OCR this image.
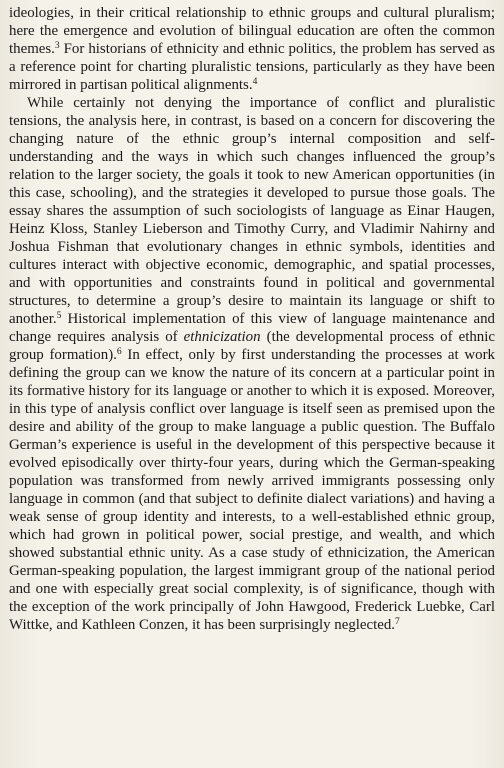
ideologies, in their critical relationship to ethnic groups and cultural pluralism; here the emergence and evolution of bilingual education are often the common themes.$^3$ For historians of ethnicity and ethnic politics, the problem has served as a reference point for charting pluralistic tensions, particularly as they have been mirrored in partisan political alignments.$^4$

While certainly not denying the importance of conflict and pluralistic tensions, the analysis here, in contrast, is based on a concern for discovering the changing nature of the ethnic group’s internal composition and self-understanding and the ways in which such changes influenced the group’s relation to the larger society, the goals it took to new American opportunities (in this case, schooling), and the strategies it developed to pursue those goals. The essay shares the assumption of such sociologists of language as Einar Haugen, Heinz Kloss, Stanley Lieberson and Timothy Curry, and Vladimir Nahirny and Joshua Fishman that evolutionary changes in ethnic symbols, identities and cultures interact with objective economic, demographic, and spatial processes, and with opportunities and constraints found in political and governmental structures, to determine a group’s desire to maintain its language or shift to another.$^5$ Historical implementation of this view of language maintenance and change requires analysis of ethnicization (the developmental process of ethnic group formation).$^6$ In effect, only by first understanding the processes at work defining the group can we know the nature of its concern at a particular point in its formative history for its language or another to which it is exposed. Moreover, in this type of analysis conflict over language is itself seen as premised upon the desire and ability of the group to make language a public question. The Buffalo German’s experience is useful in the development of this perspective because it evolved episodically over thirty-four years, during which the German-speaking population was transformed from newly arrived immigrants possessing only language in common (and that subject to definite dialect variations) and having a weak sense of group identity and interests, to a well-established ethnic group, which had grown in political power, social prestige, and wealth, and which showed substantial ethnic unity. As a case study of ethnicization, the American German-speaking population, the largest immigrant group of the national period and one with especially great social complexity, is of significance, though with the exception of the work principally of John Hawgood, Frederick Luebke, Carl Wittke, and Kathleen Conzen, it has been surprisingly neglected.$^7$
